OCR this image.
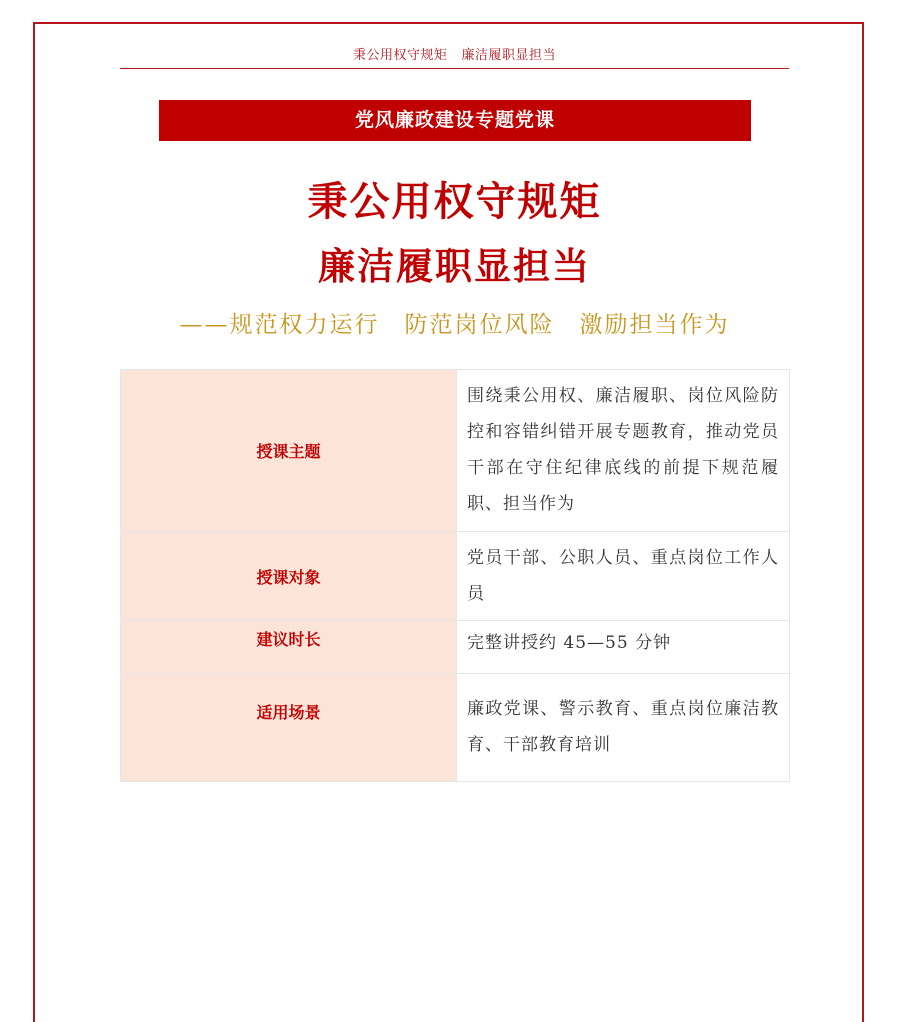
秉公用权守规矩 廉洁履职显担当
党风廉政建设专题党课
秉公用权守规矩
廉洁履职显担当
——规范权力运行　防范岗位风险　激励担当作为
授课主题	围绕秉公用权、廉洁履职、岗位风险防控和容错纠错开展专题教育，推动党员干部在守住纪律底线的前提下规范履职、担当作为
授课对象	党员干部、公职人员、重点岗位工作人员
建议时长	完整讲授约 45—55 分钟
适用场景	廉政党课、警示教育、重点岗位廉洁教育、干部教育培训
